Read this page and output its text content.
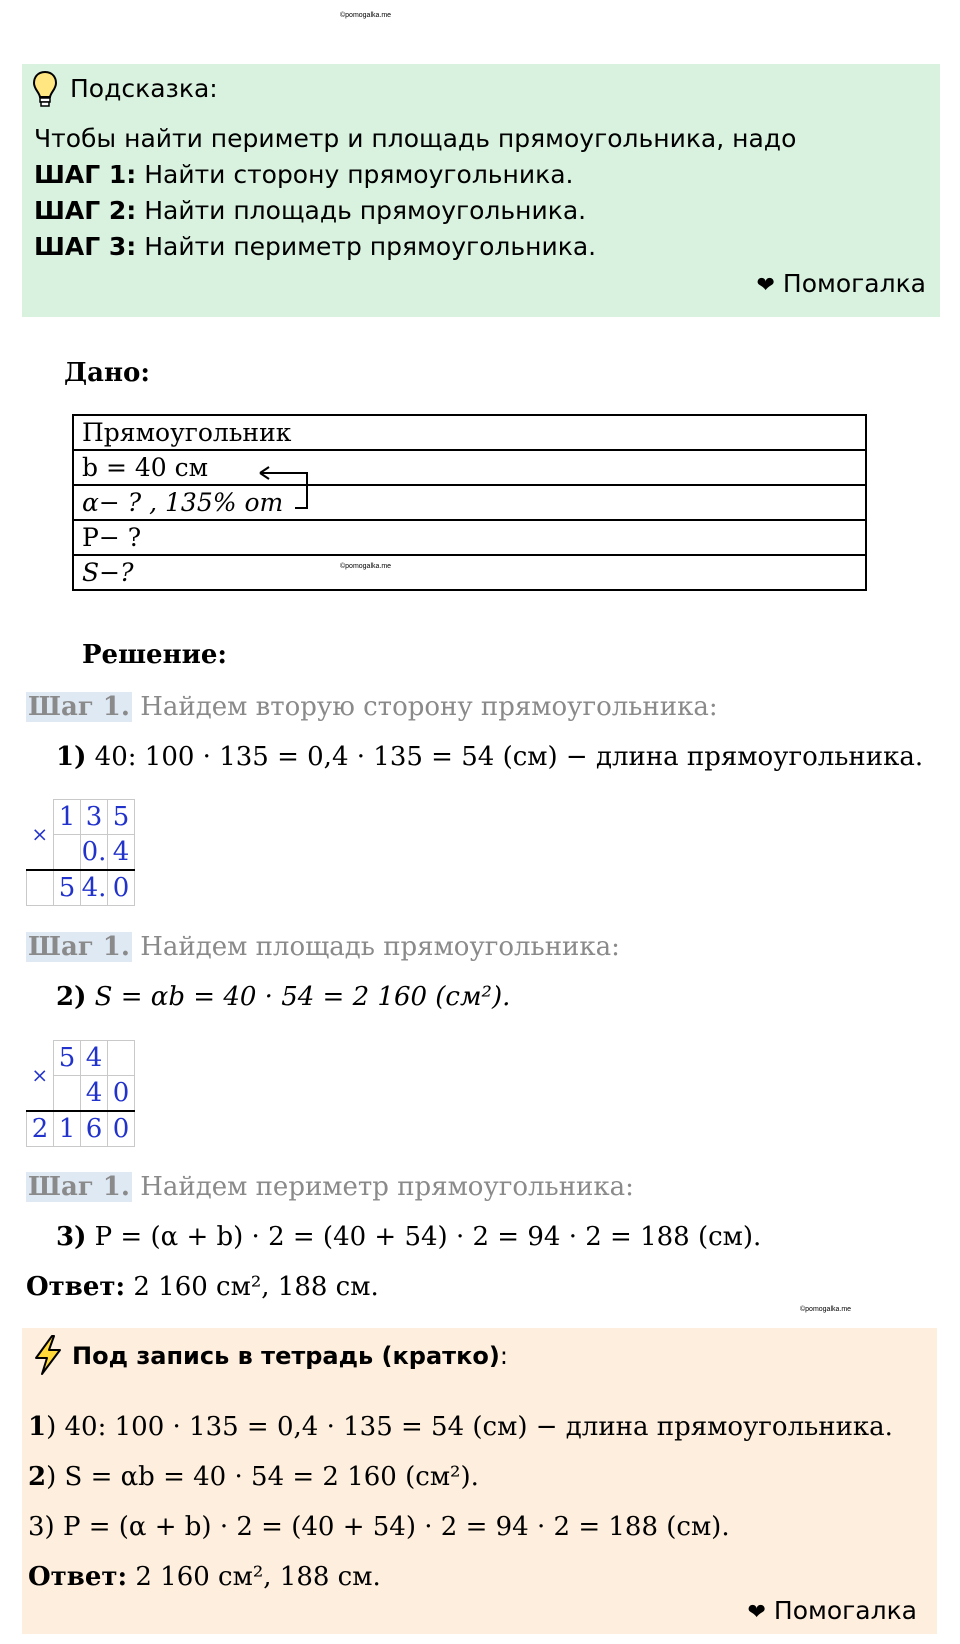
©pomogalka.me
Подсказка:
Чтобы найти периметр и площадь прямоугольника, надо
ШАГ 1: Найти сторону прямоугольника.
ШАГ 2: Найти площадь прямоугольника.
ШАГ 3: Найти периметр прямоугольника.
❤ Помогалка
Дано:
Прямоугольник
b = 40 см
α− ? , 135% от
P− ?
S−?	©pomogalka.me
Решение:
Шаг 1. Найдем вторую сторону прямоугольника:
1) 40: 100 · 135 = 0,4 · 135 = 54 (см) − длина прямоугольника.
×	1	3	5
		0.	4
	5	4.	0
Шаг 1. Найдем площадь прямоугольника:
2) S = αb = 40 · 54 = 2 160 (см²).
×	5	4	
		4	0
2	1	6	0
Шаг 1. Найдем периметр прямоугольника:
3) P = (α + b) · 2 = (40 + 54) · 2 = 94 · 2 = 188 (см).
Ответ: 2 160 см², 188 см.
©pomogalka.me
Под запись в тетрадь (кратко):
1) 40: 100 · 135 = 0,4 · 135 = 54 (см) − длина прямоугольника.
2) S = αb = 40 · 54 = 2 160 (см²).
3) P = (α + b) · 2 = (40 + 54) · 2 = 94 · 2 = 188 (см).
Ответ: 2 160 см², 188 см.
❤ Помогалка
